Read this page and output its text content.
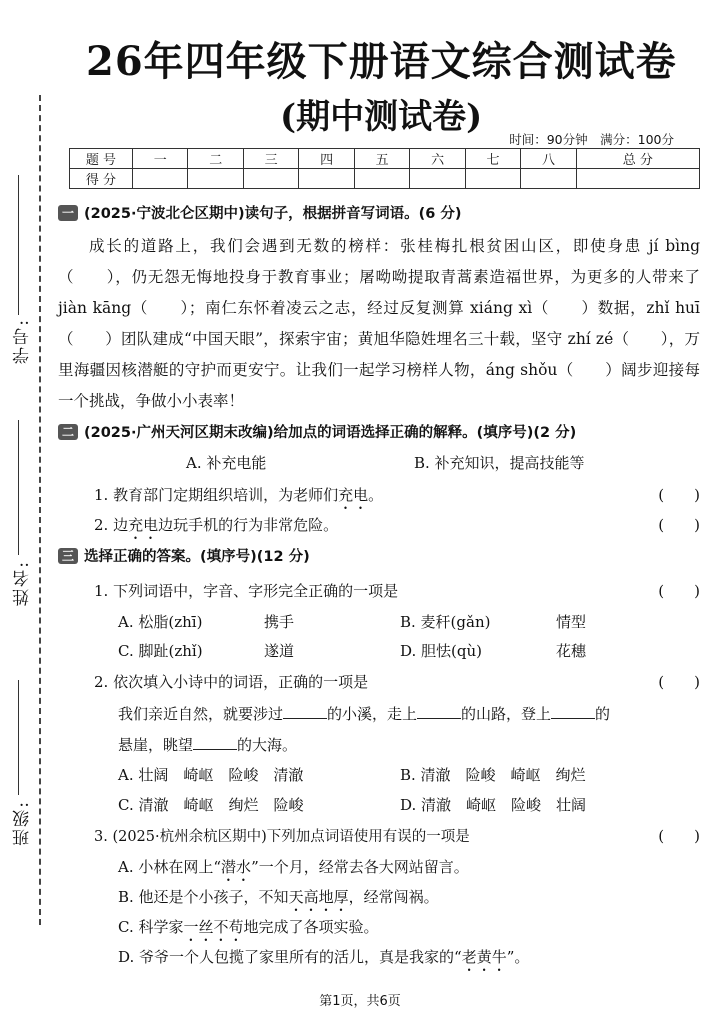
学号:
姓名:
班级:
26年四年级下册语文综合测试卷
(期中测试卷)
时间：90分钟　满分：100分
题 号	一	二	三	四	五	六	七	八	总 分
得 分									
一 (2025·宁波北仑区期中)读句子，根据拼音写词语。(6 分)
成长的道路上，我们会遇到无数的榜样：张桂梅扎根贫困山区，即使身患 jí bìng（　　），仍无怨无悔地投身于教育事业；屠呦呦提取青蒿素造福世界，为更多的人带来了 jiàn kāng（　　）；南仁东怀着凌云之志，经过反复测算 xiáng xì（　　）数据，zhǐ huī（　　）团队建成“中国天眼”，探索宇宙；黄旭华隐姓埋名三十载，坚守 zhí zé（　　），万里海疆因核潜艇的守护而更安宁。让我们一起学习榜样人物，áng shǒu（　　）阔步迎接每一个挑战，争做小小表率！
二 (2025·广州天河区期末改编)给加点的词语选择正确的解释。(填序号)(2 分)
A. 补充电能	B. 补充知识，提高技能等
1. 教育部门定期组织培训，为老师们充电。	(　　)
2. 边充电边玩手机的行为非常危险。	(　　)
三 选择正确的答案。(填序号)(12 分)
1. 下列词语中，字音、字形完全正确的一项是	(　　)
A. 松脂(zhī)	携手	B. 麦秆(gǎn)	情型
C. 脚趾(zhǐ)	遂道	D. 胆怯(qù)	花穗
2. 依次填入小诗中的词语，正确的一项是	(　　)
我们亲近自然，就要涉过	的小溪，走上	的山路，登上	的
悬崖，眺望	的大海。
A. 壮阔　崎岖　险峻　清澈	B. 清澈　险峻　崎岖　绚烂
C. 清澈　崎岖　绚烂　险峻	D. 清澈　崎岖　险峻　壮阔
3. (2025·杭州余杭区期中)下列加点词语使用有误的一项是	(　　)
A. 小林在网上“潜水”一个月，经常去各大网站留言。
B. 他还是个小孩子，不知天高地厚，经常闯祸。
C. 科学家一丝不苟地完成了各项实验。
D. 爷爷一个人包揽了家里所有的活儿，真是我家的“老黄牛”。
第1页，共6页
